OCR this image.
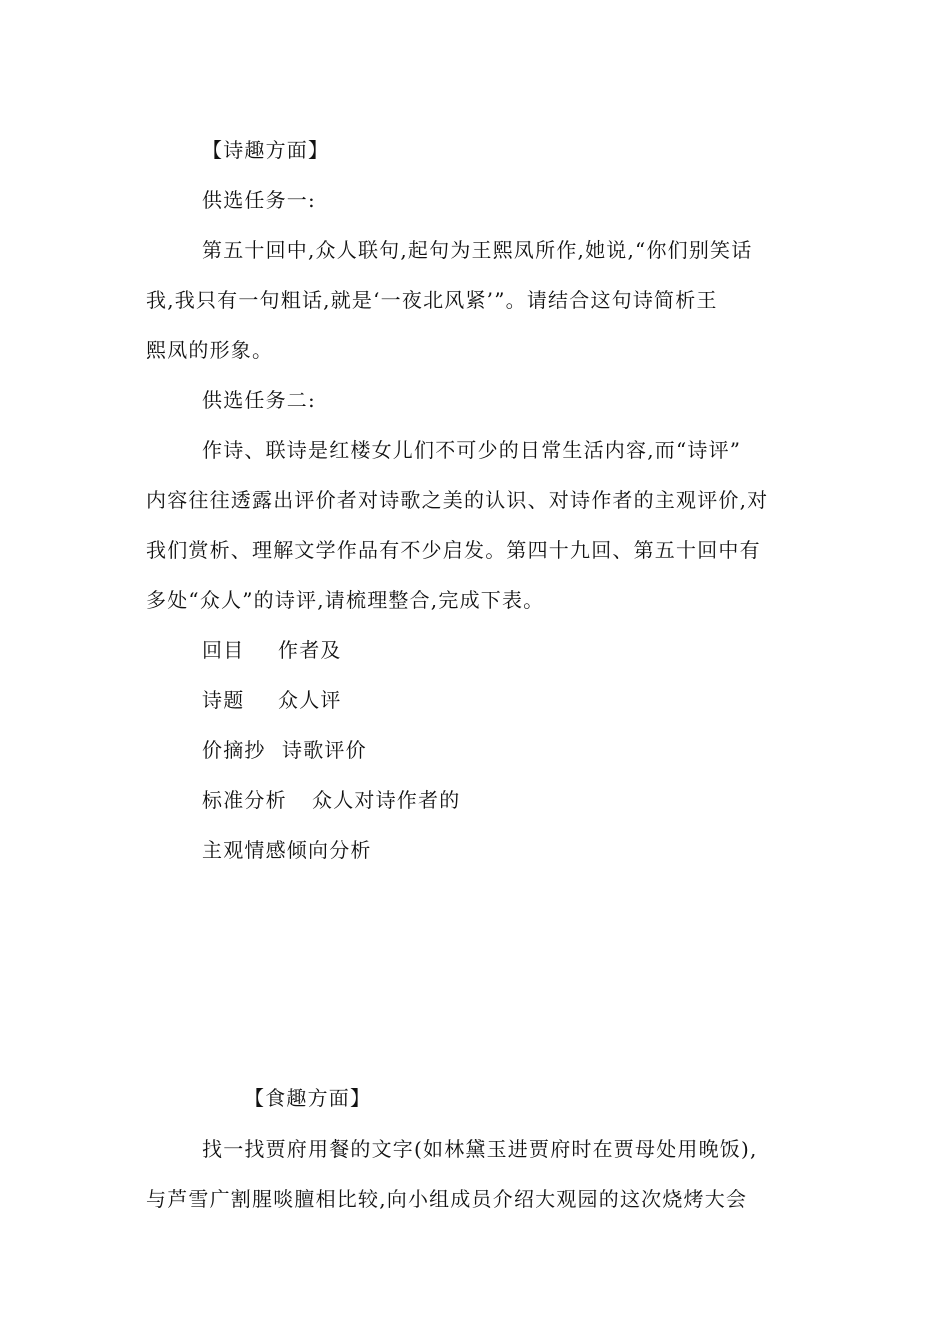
【诗趣方面】
供选任务一:
第五十回中,众人联句,起句为王熙凤所作,她说,“你们别笑话
我,我只有一句粗话,就是‘一夜北风紧’”。请结合这句诗简析王
熙凤的形象。
供选任务二:
作诗、联诗是红楼女儿们不可少的日常生活内容,而“诗评”
内容往往透露出评价者对诗歌之美的认识、对诗作者的主观评价,对
我们赏析、理解文学作品有不少启发。第四十九回、第五十回中有
多处“众人”的诗评,请梳理整合,完成下表。
回目 作者及
诗题 众人评
价摘抄 诗歌评价
标准分析 众人对诗作者的
主观情感倾向分析
【食趣方面】
找一找贾府用餐的文字(如林黛玉进贾府时在贾母处用晚饭),
与芦雪广割腥啖膻相比较,向小组成员介绍大观园的这次烧烤大会
